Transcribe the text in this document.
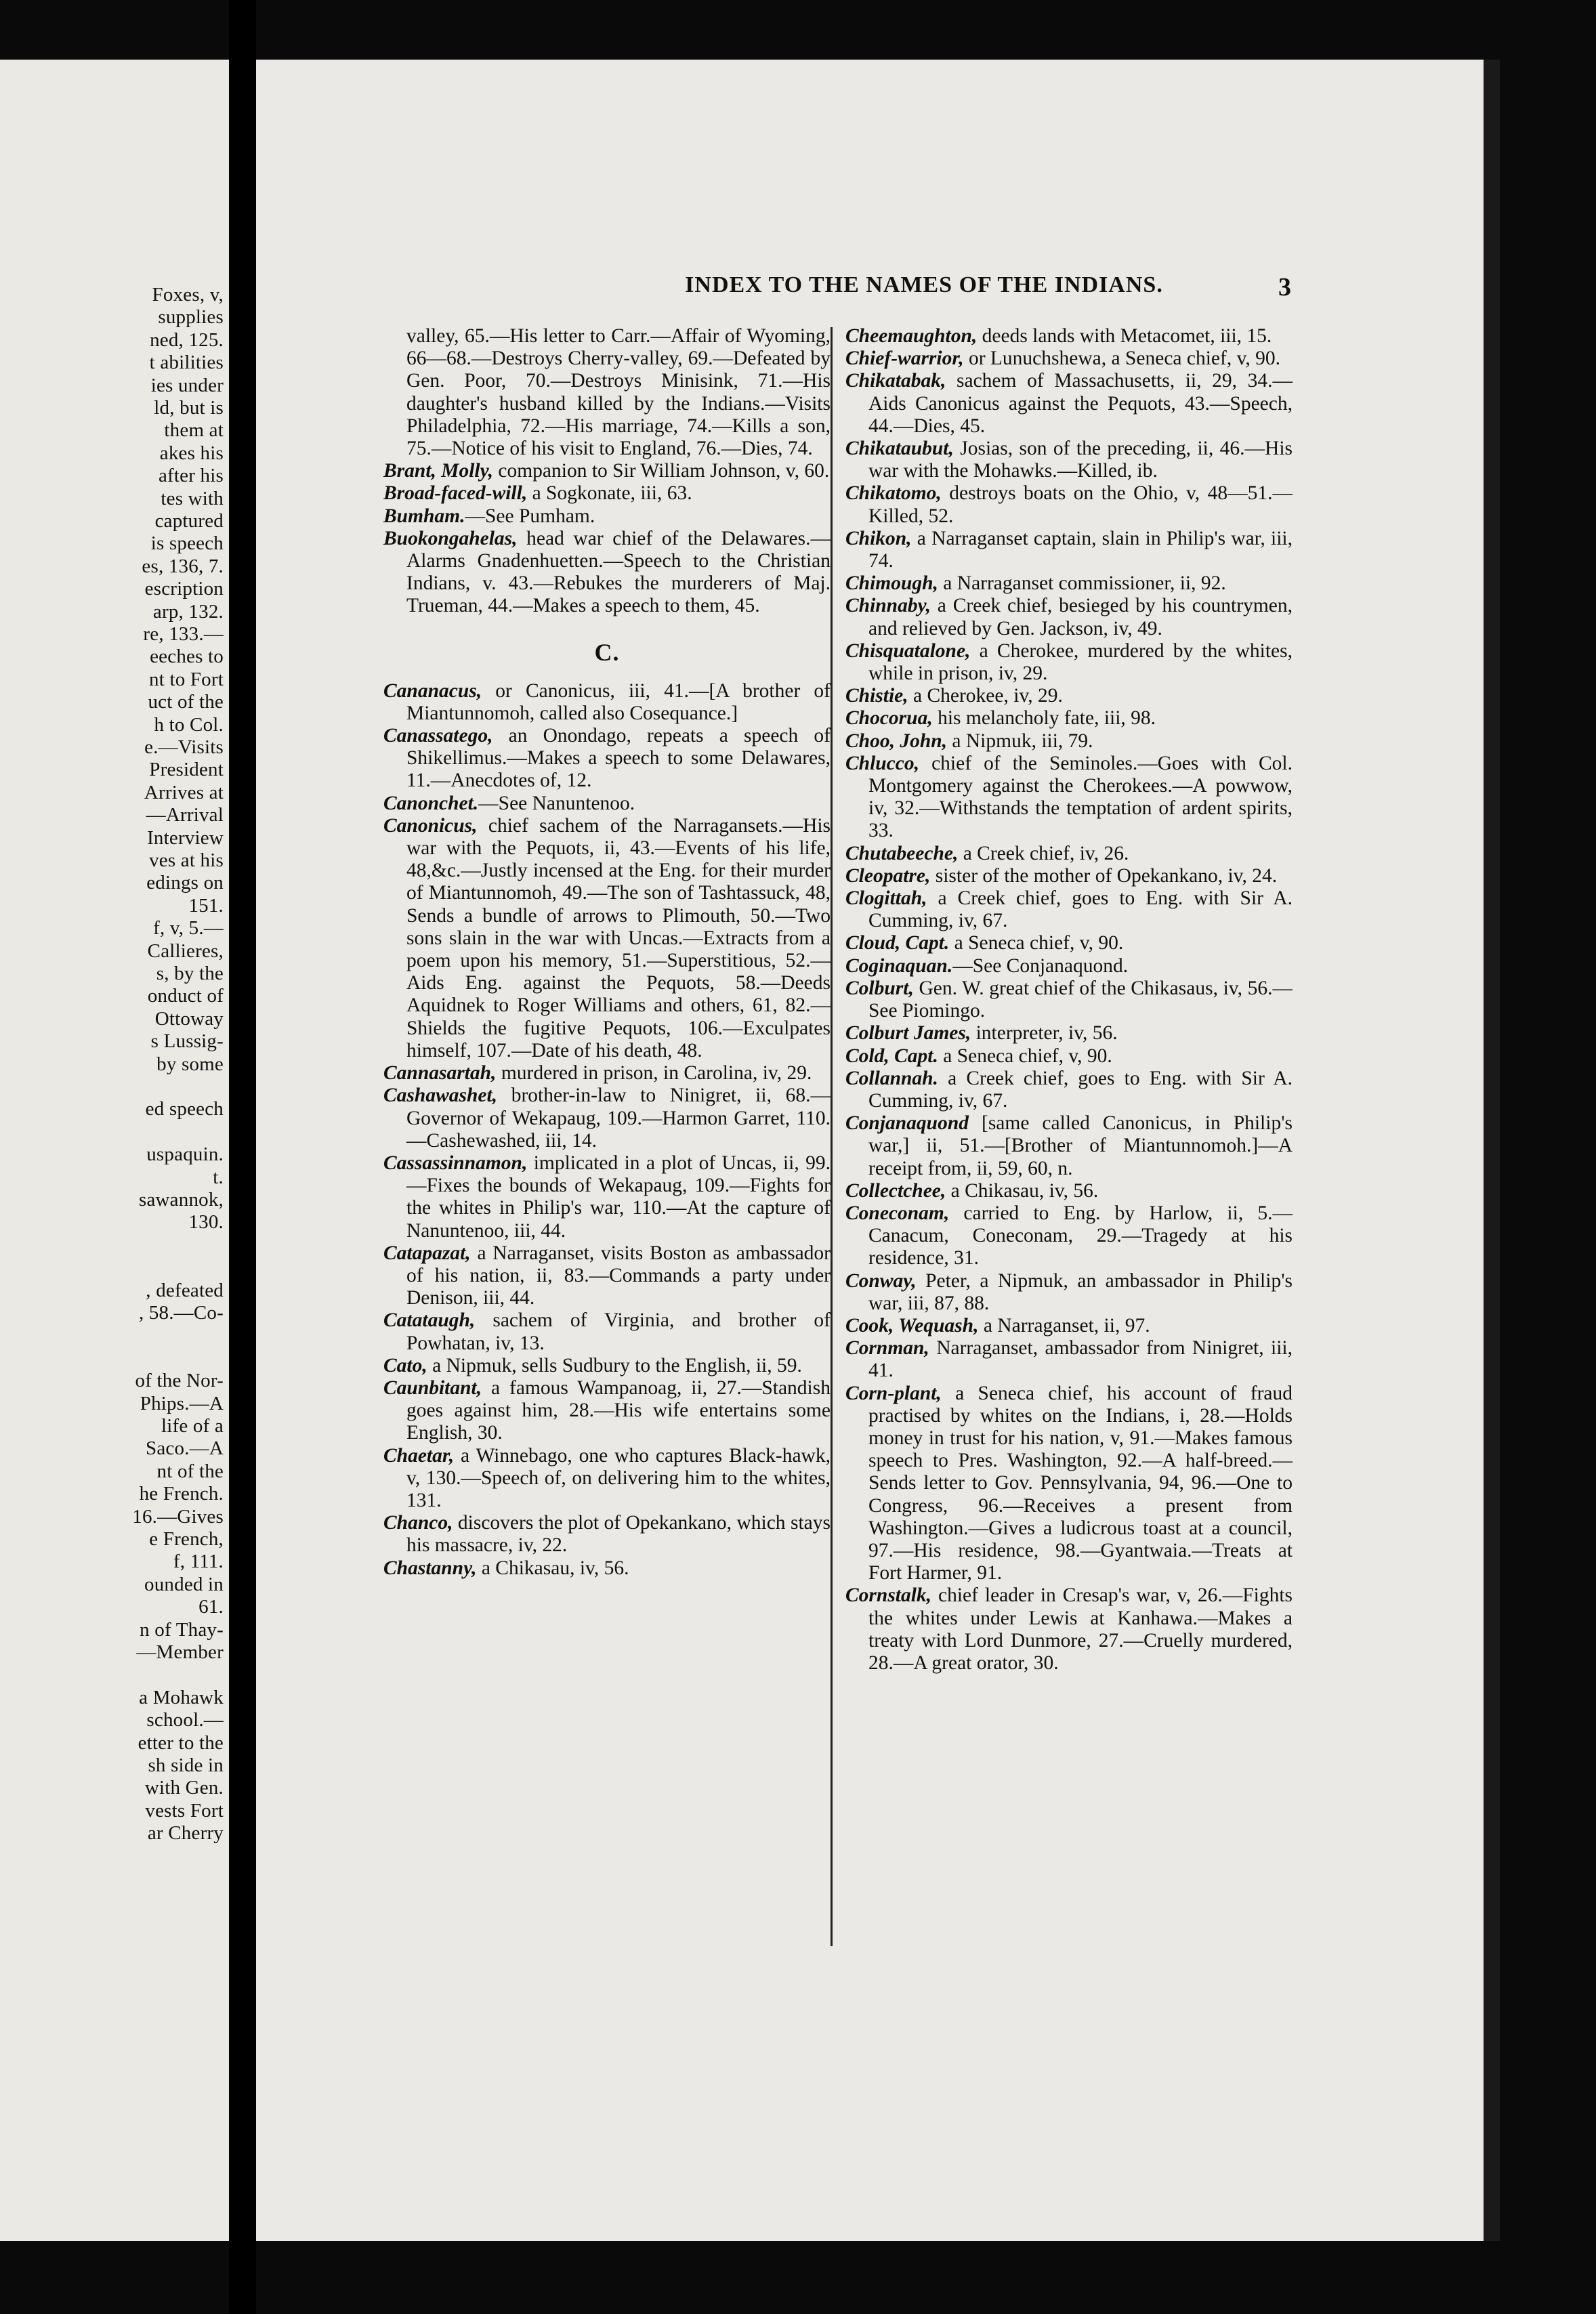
Foxes, v,
supplies
ned, 125.
t abilities
ies under
ld, but is
them at
akes his
after his
tes with
captured
is speech
es, 136, 7.
escription
arp, 132.
re, 133.—
eeches to
nt to Fort
uct of the
h to Col.
e.—Visits
President
Arrives at
—Arrival
Interview
ves at his
edings on
151.
f, v, 5.—
Callieres,
s, by the
onduct of
Ottoway
s Lussig-
by some
ed speech
uspaquin.
t.
sawannok,
130.
, defeated
, 58.—Co-
of the Nor-
Phips.—A
life of a
Saco.—A
nt of the
he French.
16.—Gives
e French,
f, 111.
ounded in
61.
n of Thay-
—Member
a Mohawk
school.—
etter to the
sh side in
with Gen.
vests Fort
ar Cherry
INDEX TO THE NAMES OF THE INDIANS.	3

valley, 65.—His letter to Carr.—Affair of Wyoming, 66—68.—Destroys Cherry-valley, 69.—Defeated by Gen. Poor, 70.—Destroys Minisink, 71.—His daughter's husband killed by the Indians.—Visits Philadelphia, 72.—His marriage, 74.—Kills a son, 75.—Notice of his visit to England, 76.—Dies, 74.

Brant, Molly, companion to Sir William Johnson, v, 60.

Broad-faced-will, a Sogkonate, iii, 63.

Bumham.—See Pumham.

Buokongahelas, head war chief of the Delawares.—Alarms Gnadenhuetten.—Speech to the Christian Indians, v. 43.—Rebukes the murderers of Maj. Trueman, 44.—Makes a speech to them, 45.

C.

Cananacus, or Canonicus, iii, 41.—[A brother of Miantunnomoh, called also Cosequance.]

Canassatego, an Onondago, repeats a speech of Shikellimus.—Makes a speech to some Delawares, 11.—Anecdotes of, 12.

Canonchet.—See Nanuntenoo.

Canonicus, chief sachem of the Narragansets.—His war with the Pequots, ii, 43.—Events of his life, 48,&c.—Justly incensed at the Eng. for their murder of Miantunnomoh, 49.—The son of Tashtassuck, 48, Sends a bundle of arrows to Plimouth, 50.—Two sons slain in the war with Uncas.—Extracts from a poem upon his memory, 51.—Superstitious, 52.—Aids Eng. against the Pequots, 58.—Deeds Aquidnek to Roger Williams and others, 61, 82.—Shields the fugitive Pequots, 106.—Exculpates himself, 107.—Date of his death, 48.

Cannasartah, murdered in prison, in Carolina, iv, 29.

Cashawashet, brother-in-law to Ninigret, ii, 68.—Governor of Wekapaug, 109.—Harmon Garret, 110.—Cashewashed, iii, 14.

Cassassinnamon, implicated in a plot of Uncas, ii, 99.—Fixes the bounds of Wekapaug, 109.—Fights for the whites in Philip's war, 110.—At the capture of Nanuntenoo, iii, 44.

Catapazat, a Narraganset, visits Boston as ambassador of his nation, ii, 83.—Commands a party under Denison, iii, 44.

Catataugh, sachem of Virginia, and brother of Powhatan, iv, 13.

Cato, a Nipmuk, sells Sudbury to the English, ii, 59.

Caunbitant, a famous Wampanoag, ii, 27.—Standish goes against him, 28.—His wife entertains some English, 30.

Chaetar, a Winnebago, one who captures Black-hawk, v, 130.—Speech of, on delivering him to the whites, 131.

Chanco, discovers the plot of Opekankano, which stays his massacre, iv, 22.

Chastanny, a Chikasau, iv, 56.

Cheemaughton, deeds lands with Metacomet, iii, 15.

Chief-warrior, or Lunuchshewa, a Seneca chief, v, 90.

Chikatabak, sachem of Massachusetts, ii, 29, 34.—Aids Canonicus against the Pequots, 43.—Speech, 44.—Dies, 45.

Chikataubut, Josias, son of the preceding, ii, 46.—His war with the Mohawks.—Killed, ib.

Chikatomo, destroys boats on the Ohio, v, 48—51.—Killed, 52.

Chikon, a Narraganset captain, slain in Philip's war, iii, 74.

Chimough, a Narraganset commissioner, ii, 92.

Chinnaby, a Creek chief, besieged by his countrymen, and relieved by Gen. Jackson, iv, 49.

Chisquatalone, a Cherokee, murdered by the whites, while in prison, iv, 29.

Chistie, a Cherokee, iv, 29.

Chocorua, his melancholy fate, iii, 98.

Choo, John, a Nipmuk, iii, 79.

Chlucco, chief of the Seminoles.—Goes with Col. Montgomery against the Cherokees.—A powwow, iv, 32.—Withstands the temptation of ardent spirits, 33.

Chutabeeche, a Creek chief, iv, 26.

Cleopatre, sister of the mother of Opekankano, iv, 24.

Clogittah, a Creek chief, goes to Eng. with Sir A. Cumming, iv, 67.

Cloud, Capt. a Seneca chief, v, 90.

Coginaquan.—See Conjanaquond.

Colburt, Gen. W. great chief of the Chikasaus, iv, 56.—See Piomingo.

Colburt James, interpreter, iv, 56.

Cold, Capt. a Seneca chief, v, 90.

Collannah. a Creek chief, goes to Eng. with Sir A. Cumming, iv, 67.

Conjanaquond [same called Canonicus, in Philip's war,] ii, 51.—[Brother of Miantunnomoh.]—A receipt from, ii, 59, 60, n.

Collectchee, a Chikasau, iv, 56.

Coneconam, carried to Eng. by Harlow, ii, 5.—Canacum, Coneconam, 29.—Tragedy at his residence, 31.

Conway, Peter, a Nipmuk, an ambassador in Philip's war, iii, 87, 88.

Cook, Wequash, a Narraganset, ii, 97.

Cornman, Narraganset, ambassador from Ninigret, iii, 41.

Corn-plant, a Seneca chief, his account of fraud practised by whites on the Indians, i, 28.—Holds money in trust for his nation, v, 91.—Makes famous speech to Pres. Washington, 92.—A half-breed.—Sends letter to Gov. Pennsylvania, 94, 96.—One to Congress, 96.—Receives a present from Washington.—Gives a ludicrous toast at a council, 97.—His residence, 98.—Gyantwaia.—Treats at Fort Harmer, 91.

Cornstalk, chief leader in Cresap's war, v, 26.—Fights the whites under Lewis at Kanhawa.—Makes a treaty with Lord Dunmore, 27.—Cruelly murdered, 28.—A great orator, 30.
